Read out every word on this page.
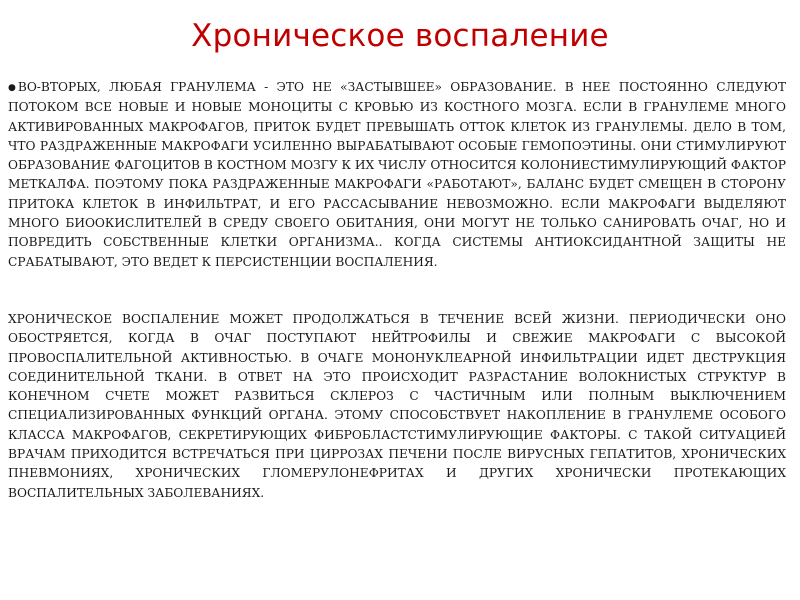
Хроническое воспаление

● ВО-ВТОРЫХ, ЛЮБАЯ ГРАНУЛЕМА - ЭТО НЕ «ЗАСТЫВШЕЕ» ОБРАЗОВАНИЕ. В НЕЕ ПОСТОЯННО СЛЕДУЮТ ПОТОКОМ ВСЕ НОВЫЕ И НОВЫЕ МОНОЦИТЫ С КРОВЬЮ ИЗ КОСТНОГО МОЗГА. ЕСЛИ В ГРАНУЛЕМЕ МНОГО АКТИВИРОВАННЫХ МАКРОФАГОВ, ПРИТОК БУДЕТ ПРЕВЫШАТЬ ОТТОК КЛЕТОК ИЗ ГРАНУЛЕМЫ. ДЕЛО В ТОМ, ЧТО РАЗДРАЖЕННЫЕ МАКРОФАГИ УСИЛЕННО ВЫРАБАТЫВАЮТ ОСОБЫЕ ГЕМОПОЭТИНЫ. ОНИ СТИМУЛИРУЮТ ОБРАЗОВАНИЕ ФАГОЦИТОВ В КОСТНОМ МОЗГУ К ИХ ЧИСЛУ ОТНОСИТСЯ КОЛОНИЕСТИМУЛИРУЮЩИЙ ФАКТОР МЕТКАЛФА. ПОЭТОМУ ПОКА РАЗДРАЖЕННЫЕ МАКРОФАГИ «РАБОТАЮТ», БАЛАНС БУДЕТ СМЕЩЕН В СТОРОНУ ПРИТОКА КЛЕТОК В ИНФИЛЬТРАТ, И ЕГО РАССАСЫВАНИЕ НЕВОЗМОЖНО. ЕСЛИ МАКРОФАГИ ВЫДЕЛЯЮТ МНОГО БИООКИСЛИТЕЛЕЙ В СРЕДУ СВОЕГО ОБИТАНИЯ, ОНИ МОГУТ НЕ ТОЛЬКО САНИРОВАТЬ ОЧАГ, НО И ПОВРЕДИТЬ СОБСТВЕННЫЕ КЛЕТКИ ОРГАНИЗМА.. КОГДА СИСТЕМЫ АНТИОКСИДАНТНОЙ ЗАЩИТЫ НЕ СРАБАТЫВАЮТ, ЭТО ВЕДЕТ К ПЕРСИСТЕНЦИИ ВОСПАЛЕНИЯ.

ХРОНИЧЕСКОЕ ВОСПАЛЕНИЕ МОЖЕТ ПРОДОЛЖАТЬСЯ В ТЕЧЕНИЕ ВСЕЙ ЖИЗНИ. ПЕРИОДИЧЕСКИ ОНО ОБОСТРЯЕТСЯ, КОГДА В ОЧАГ ПОСТУПАЮТ НЕЙТРОФИЛЫ И СВЕЖИЕ МАКРОФАГИ С ВЫСОКОЙ ПРОВОСПАЛИТЕЛЬНОЙ АКТИВНОСТЬЮ. В ОЧАГЕ МОНОНУКЛЕАРНОЙ ИНФИЛЬТРАЦИИ ИДЕТ ДЕСТРУКЦИЯ СОЕДИНИТЕЛЬНОЙ ТКАНИ. В ОТВЕТ НА ЭТО ПРОИСХОДИТ РАЗРАСТАНИЕ ВОЛОКНИСТЫХ СТРУКТУР В КОНЕЧНОМ СЧЕТЕ МОЖЕТ РАЗВИТЬСЯ СКЛЕРОЗ С ЧАСТИЧНЫМ ИЛИ ПОЛНЫМ ВЫКЛЮЧЕНИЕМ СПЕЦИАЛИЗИРОВАННЫХ ФУНКЦИЙ ОРГАНА. ЭТОМУ СПОСОБСТВУЕТ НАКОПЛЕНИЕ В ГРАНУЛЕМЕ ОСОБОГО КЛАССА МАКРОФАГОВ, СЕКРЕТИРУЮЩИХ ФИБРОБЛАСТСТИМУЛИРУЮЩИЕ ФАКТОРЫ. С ТАКОЙ СИТУАЦИЕЙ ВРАЧАМ ПРИХОДИТСЯ ВСТРЕЧАТЬСЯ ПРИ ЦИРРОЗАХ ПЕЧЕНИ ПОСЛЕ ВИРУСНЫХ ГЕПАТИТОВ, ХРОНИЧЕСКИХ ПНЕВМОНИЯХ, ХРОНИЧЕСКИХ ГЛОМЕРУЛОНЕФРИТАХ И ДРУГИХ ХРОНИЧЕСКИ ПРОТЕКАЮЩИХ ВОСПАЛИТЕЛЬНЫХ ЗАБОЛЕВАНИЯХ.
